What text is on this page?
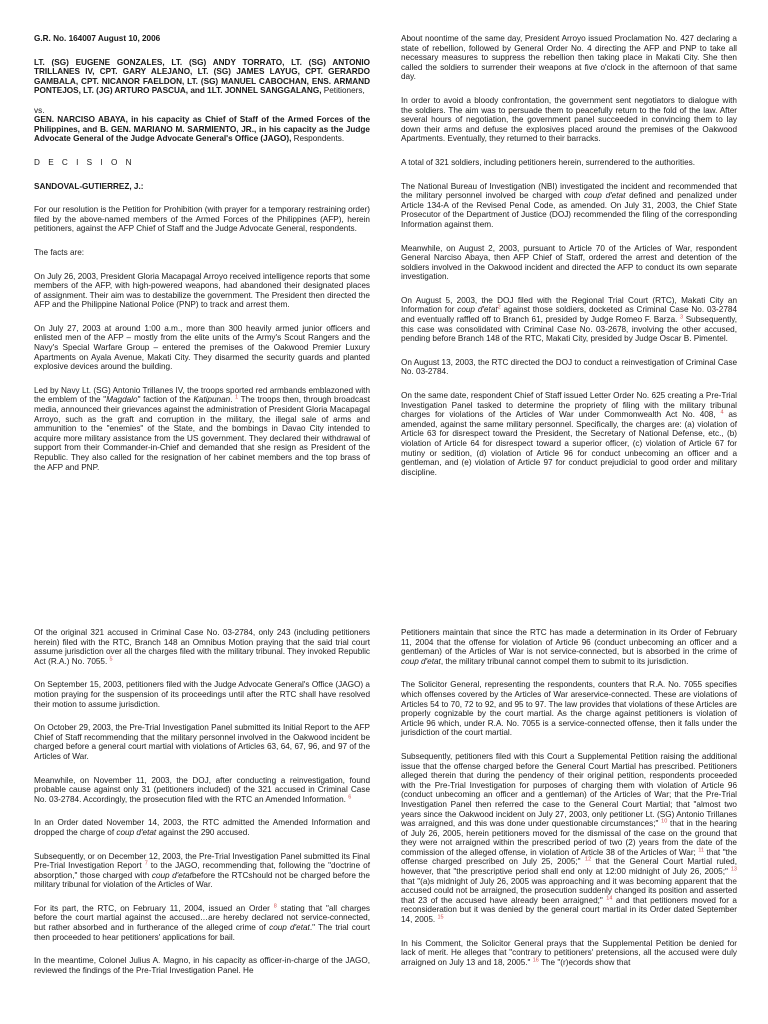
G.R. No. 164007 August 10, 2006

LT. (SG) EUGENE GONZALES, LT. (SG) ANDY TORRATO, LT. (SG) ANTONIO TRILLANES IV, CPT. GARY ALEJANO, LT. (SG) JAMES LAYUG, CPT. GERARDO GAMBALA, CPT. NICANOR FAELDON, LT. (SG) MANUEL CABOCHAN, ENS. ARMAND PONTEJOS, LT. (JG) ARTURO PASCUA, and 1LT. JONNEL SANGGALANG, Petitioners,

vs.

GEN. NARCISO ABAYA, in his capacity as Chief of Staff of the Armed Forces of the Philippines, and B. GEN. MARIANO M. SARMIENTO, JR., in his capacity as the Judge Advocate General of the Judge Advocate General's Office (JAGO), Respondents.

D E C I S I O N

SANDOVAL-GUTIERREZ, J.:

For our resolution is the Petition for Prohibition (with prayer for a temporary restraining order) filed by the above-named members of the Armed Forces of the Philippines (AFP), herein petitioners, against the AFP Chief of Staff and the Judge Advocate General, respondents.

The facts are:

On July 26, 2003, President Gloria Macapagal Arroyo received intelligence reports that some members of the AFP, with high-powered weapons, had abandoned their designated places of assignment. Their aim was to destabilize the government. The President then directed the AFP and the Philippine National Police (PNP) to track and arrest them.

On July 27, 2003 at around 1:00 a.m., more than 300 heavily armed junior officers and enlisted men of the AFP – mostly from the elite units of the Army's Scout Rangers and the Navy's Special Warfare Group – entered the premises of the Oakwood Premier Luxury Apartments on Ayala Avenue, Makati City. They disarmed the security guards and planted explosive devices around the building.

Led by Navy Lt. (SG) Antonio Trillanes IV, the troops sported red armbands emblazoned with the emblem of the "Magdalo" faction of the Katipunan. $^1$ The troops then, through broadcast media, announced their grievances against the administration of President Gloria Macapagal Arroyo, such as the graft and corruption in the military, the illegal sale of arms and ammunition to the "enemies" of the State, and the bombings in Davao City intended to acquire more military assistance from the US government. They declared their withdrawal of support from their Commander-in-Chief and demanded that she resign as President of the Republic. They also called for the resignation of her cabinet members and the top brass of the AFP and PNP.

About noontime of the same day, President Arroyo issued Proclamation No. 427 declaring a state of rebellion, followed by General Order No. 4 directing the AFP and PNP to take all necessary measures to suppress the rebellion then taking place in Makati City. She then called the soldiers to surrender their weapons at five o'clock in the afternoon of that same day.

In order to avoid a bloody confrontation, the government sent negotiators to dialogue with the soldiers. The aim was to persuade them to peacefully return to the fold of the law. After several hours of negotiation, the government panel succeeded in convincing them to lay down their arms and defuse the explosives placed around the premises of the Oakwood Apartments. Eventually, they returned to their barracks.

A total of 321 soldiers, including petitioners herein, surrendered to the authorities.

The National Bureau of Investigation (NBI) investigated the incident and recommended that the military personnel involved be charged with coup d'etat defined and penalized under Article 134-A of the Revised Penal Code, as amended. On July 31, 2003, the Chief State Prosecutor of the Department of Justice (DOJ) recommended the filing of the corresponding Information against them.

Meanwhile, on August 2, 2003, pursuant to Article 70 of the Articles of War, respondent General Narciso Abaya, then AFP Chief of Staff, ordered the arrest and detention of the soldiers involved in the Oakwood incident and directed the AFP to conduct its own separate investigation.

On August 5, 2003, the DOJ filed with the Regional Trial Court (RTC), Makati City an Information for coup d'etat$^2$ against those soldiers, docketed as Criminal Case No. 03-2784 and eventually raffled off to Branch 61, presided by Judge Romeo F. Barza. $^3$ Subsequently, this case was consolidated with Criminal Case No. 03-2678, involving the other accused, pending before Branch 148 of the RTC, Makati City, presided by Judge Oscar B. Pimentel.

On August 13, 2003, the RTC directed the DOJ to conduct a reinvestigation of Criminal Case No. 03-2784.

On the same date, respondent Chief of Staff issued Letter Order No. 625 creating a Pre-Trial Investigation Panel tasked to determine the propriety of filing with the military tribunal charges for violations of the Articles of War under Commonwealth Act No. 408, $^4$ as amended, against the same military personnel. Specifically, the charges are: (a) violation of Article 63 for disrespect toward the President, the Secretary of National Defense, etc., (b) violation of Article 64 for disrespect toward a superior officer, (c) violation of Article 67 for mutiny or sedition, (d) violation of Article 96 for conduct unbecoming an officer and a gentleman, and (e) violation of Article 97 for conduct prejudicial to good order and military discipline.

Of the original 321 accused in Criminal Case No. 03-2784, only 243 (including petitioners herein) filed with the RTC, Branch 148 an Omnibus Motion praying that the said trial court assume jurisdiction over all the charges filed with the military tribunal. They invoked Republic Act (R.A.) No. 7055. $^5$

On September 15, 2003, petitioners filed with the Judge Advocate General's Office (JAGO) a motion praying for the suspension of its proceedings until after the RTC shall have resolved their motion to assume jurisdiction.

On October 29, 2003, the Pre-Trial Investigation Panel submitted its Initial Report to the AFP Chief of Staff recommending that the military personnel involved in the Oakwood incident be charged before a general court martial with violations of Articles 63, 64, 67, 96, and 97 of the Articles of War.

Meanwhile, on November 11, 2003, the DOJ, after conducting a reinvestigation, found probable cause against only 31 (petitioners included) of the 321 accused in Criminal Case No. 03-2784. Accordingly, the prosecution filed with the RTC an Amended Information. $^6$

In an Order dated November 14, 2003, the RTC admitted the Amended Information and dropped the charge of coup d'etat against the 290 accused.

Subsequently, or on December 12, 2003, the Pre-Trial Investigation Panel submitted its Final Pre-Trial Investigation Report $^7$ to the JAGO, recommending that, following the "doctrine of absorption," those charged with coup d'etatbefore the RTCshould not be charged before the military tribunal for violation of the Articles of War.

For its part, the RTC, on February 11, 2004, issued an Order $^8$ stating that "all charges before the court martial against the accused…are hereby declared not service-connected, but rather absorbed and in furtherance of the alleged crime of coup d'etat." The trial court then proceeded to hear petitioners' applications for bail.

In the meantime, Colonel Julius A. Magno, in his capacity as officer-in-charge of the JAGO, reviewed the findings of the Pre-Trial Investigation Panel. He

Petitioners maintain that since the RTC has made a determination in its Order of February 11, 2004 that the offense for violation of Article 96 (conduct unbecoming an officer and a gentleman) of the Articles of War is not service-connected, but is absorbed in the crime of coup d'etat, the military tribunal cannot compel them to submit to its jurisdiction.

The Solicitor General, representing the respondents, counters that R.A. No. 7055 specifies which offenses covered by the Articles of War areservice-connected. These are violations of Articles 54 to 70, 72 to 92, and 95 to 97. The law provides that violations of these Articles are properly cognizable by the court martial. As the charge against petitioners is violation of Article 96 which, under R.A. No. 7055 is a service-connected offense, then it falls under the jurisdiction of the court martial.

Subsequently, petitioners filed with this Court a Supplemental Petition raising the additional issue that the offense charged before the General Court Martial has prescribed. Petitioners alleged therein that during the pendency of their original petition, respondents proceeded with the Pre-Trial Investigation for purposes of charging them with violation of Article 96 (conduct unbecoming an officer and a gentleman) of the Articles of War; that the Pre-Trial Investigation Panel then referred the case to the General Court Martial; that "almost two years since the Oakwood incident on July 27, 2003, only petitioner Lt. (SG) Antonio Trillanes was arraigned, and this was done under questionable circumstances;" $^{10}$ that in the hearing of July 26, 2005, herein petitioners moved for the dismissal of the case on the ground that they were not arraigned within the prescribed period of two (2) years from the date of the commission of the alleged offense, in violation of Article 38 of the Articles of War; $^{11}$ that "the offense charged prescribed on July 25, 2005;" $^{12}$ that the General Court Martial ruled, however, that "the prescriptive period shall end only at 12:00 midnight of July 26, 2005;" $^{13}$ that "(a)s midnight of July 26, 2005 was approaching and it was becoming apparent that the accused could not be arraigned, the prosecution suddenly changed its position and asserted that 23 of the accused have already been arraigned;" $^{14}$ and that petitioners moved for a reconsideration but it was denied by the general court martial in its Order dated September 14, 2005. $^{15}$

In his Comment, the Solicitor General prays that the Supplemental Petition be denied for lack of merit. He alleges that "contrary to petitioners' pretensions, all the accused were duly arraigned on July 13 and 18, 2005." $^{16}$ The "(r)ecords show that
